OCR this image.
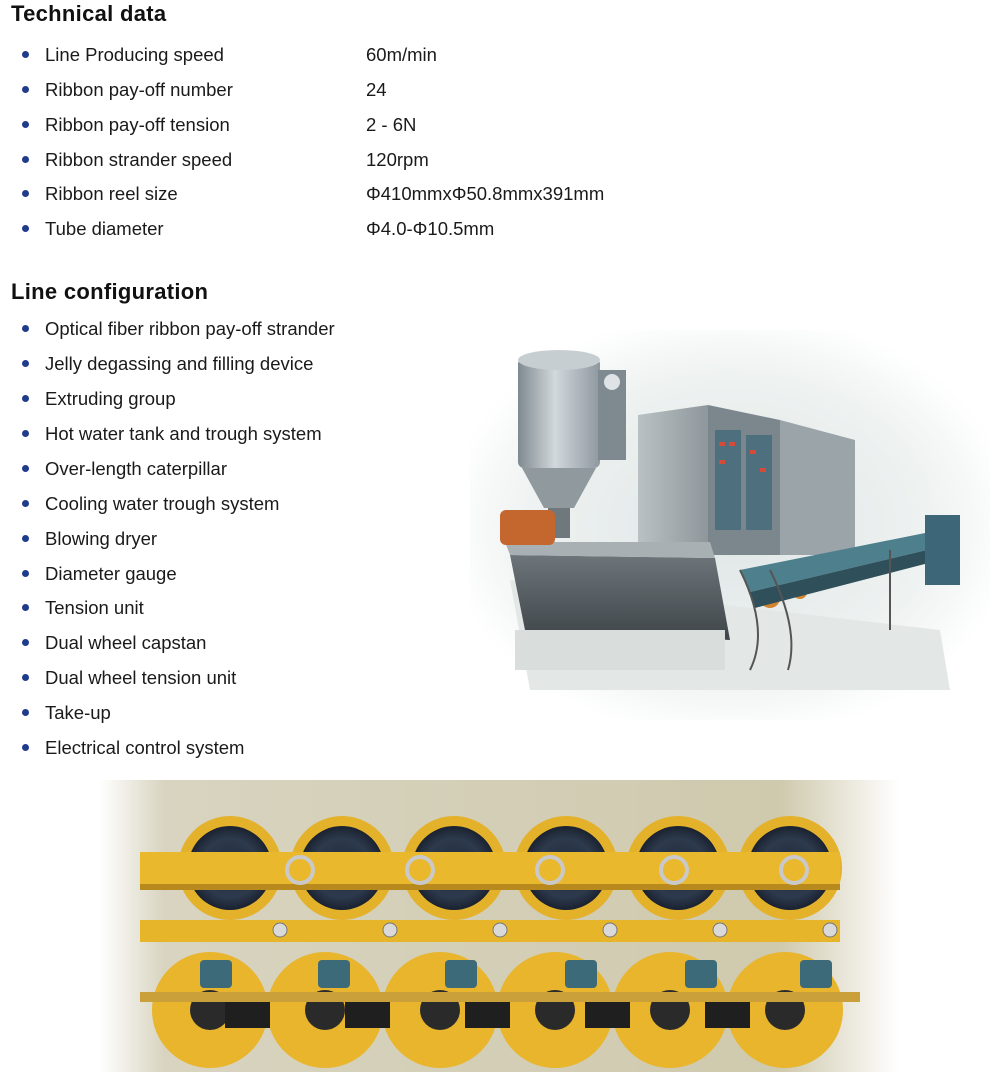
Technical data
Line Producing speed	60m/min
Ribbon pay-off number	24
Ribbon pay-off tension	2 - 6N
Ribbon strander speed	120rpm
Ribbon reel size	Φ410mmxΦ50.8mmx391mm
Tube diameter	Φ4.0-Φ10.5mm
Line configuration
Optical fiber ribbon pay-off strander
Jelly degassing and filling device
Extruding group
Hot water tank and trough system
Over-length caterpillar
Cooling water trough system
Blowing dryer
Diameter gauge
Tension unit
Dual wheel capstan
Dual wheel tension unit
Take-up
Electrical control system
